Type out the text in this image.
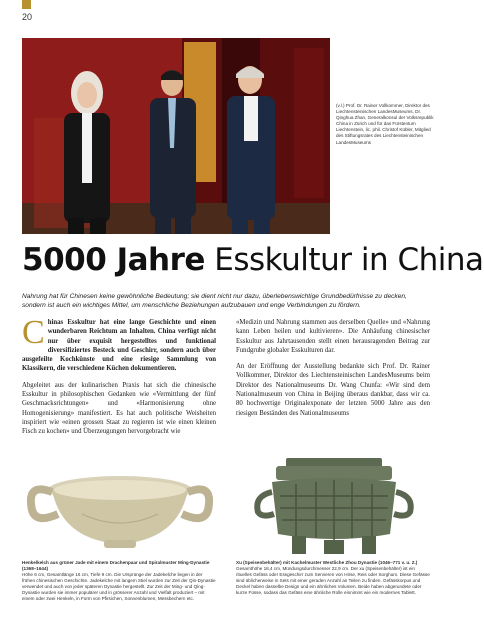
20
(v.l.) Prof. Dr. Rainer Vollkommer, Direktor des Liechtensteinischen LandesMuseums, Dr. Qinghua Zhan, Generalkonsul der Volksrepublik China in Zürich und für das Fürstentum Liechtenstein, lic. phil. Christof Kübler, Mitglied des Stiftungsrates des Liechtensteinischen LandesMuseums
5000 Jahre Esskultur in China
Nahrung hat für Chinesen keine gewöhnliche Bedeutung; sie dient nicht nur dazu, überlebenswichtige Grundbedürfnisse zu decken, sondern ist auch ein wichtiges Mittel, um menschliche Beziehungen aufzubauen und enge Verbindungen zu fördern.

Chinas Esskultur hat eine lange Geschichte und einen wunderbaren Reichtum an Inhalten. China verfügt nicht nur über exquisit hergestelltes und funktional diversifiziertes Besteck und Geschirr, sondern auch über ausgefeilte Kochkünste und eine riesige Sammlung von Klassikern, die verschiedene Küchen dokumentieren.

Abgeleitet aus der kulinarischen Praxis hat sich die chinesische Esskultur in philosophischen Gedanken wie «Vermittlung der fünf Geschmacksrichtungen» und «Harmonisierung ohne Homogenisierung» manifestiert. Es hat auch politische Weisheiten inspiriert wie «einen grossen Staat zu regieren ist wie einen kleinen Fisch zu kochen» und Überzeugungen hervorgebracht wie

«Medizin und Nahrung stammen aus derselben Quelle» und «Nahrung kann Leben heilen und kultivieren». Die Anhäufung chinesischer Esskultur aus Jahrtausenden stellt einen herausragenden Beitrag zur Fundgrube globaler Esskulturen dar.

An der Eröffnung der Ausstellung bedankte sich Prof. Dr. Rainer Vollkommer, Direktor des Liechtensteinischen LandesMuseums beim Direktor des Nationalmuseums Dr. Wang Chunfa: «Wir sind dem Nationalmuseum von China in Beijing überaus dankbar, dass wir ca. 80 hochwertige Originalexponate der letzten 5000 Jahre aus den riesigen Beständen des Nationalmuseums

Henkelkelch aus grüner Jade mit einem Drachenpaar und Spiralmuster Ming-Dynastie (1368–1644)
Höhe 6 cm, Gesamtlänge 16 cm, Tiefe 9 cm. Die Ursprünge der Jadekelche liegen in der frühen chinesischen Geschichte. Jadekelche mit langem Stiel wurden zur Zeit der Qin-Dynastie verwendet und auch von jeder späteren Dynastie hergestellt. Zur Zeit der Ming- und Qing-Dynastie wurden sie immer populärer und in grösserer Anzahl und Vielfalt produziert – mit einem oder zwei Henkeln, in Form von Pfirsichen, Sonnenblumen, Messbechern etc.
Xu (Speisenbehälter) mit Kachelmuster Westliche Zhou Dynastie (1046–771 v. u. Z.)
Gesamthöhe 18,4 cm, Mündungsdurchmesser 22,9 cm. Der xu (Speisenbehälter) ist ein rituelles Gefäss oder Essgeschirr zum Servieren von Hirse, Reis oder Sorghum. Diese Gefässe sind üblicherweise in Sets mit einer geraden Anzahl an Teilen zu finden. Gefässkorpus und Deckel haben dasselbe Design und ein ähnliches Volumen. Beide haben abgerundete oder kurze Füsse, sodass das Gefäss eine ähnliche Rolle einnimmt wie ein modernes Tablett.
